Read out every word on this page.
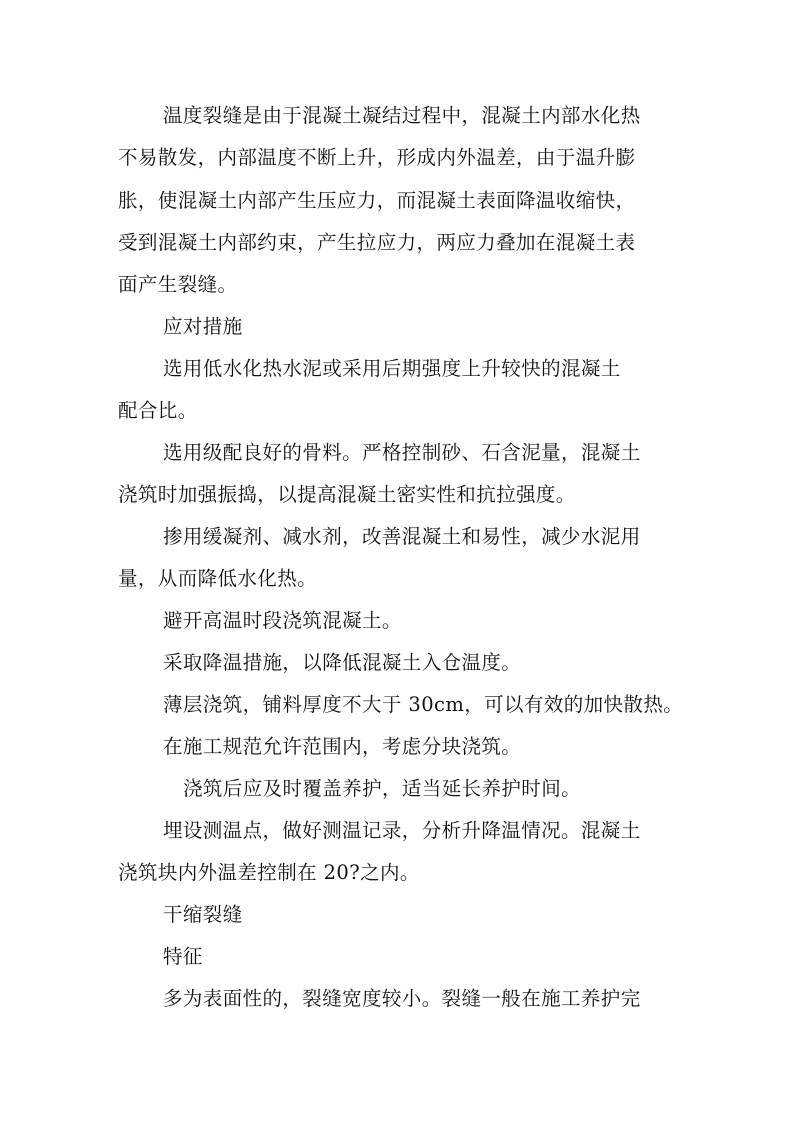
温度裂缝是由于混凝土凝结过程中，混凝土内部水化热
不易散发，内部温度不断上升，形成内外温差，由于温升膨
胀，使混凝土内部产生压应力，而混凝土表面降温收缩快，
受到混凝土内部约束，产生拉应力，两应力叠加在混凝土表
面产生裂缝。
应对措施
选用低水化热水泥或采用后期强度上升较快的混凝土
配合比。
选用级配良好的骨料。严格控制砂、石含泥量，混凝土
浇筑时加强振捣，以提高混凝土密实性和抗拉强度。
掺用缓凝剂、减水剂，改善混凝土和易性，减少水泥用
量，从而降低水化热。
避开高温时段浇筑混凝土。
采取降温措施，以降低混凝土入仓温度。
薄层浇筑，铺料厚度不大于 30cm，可以有效的加快散热。
在施工规范允许范围内，考虑分块浇筑。
浇筑后应及时覆盖养护，适当延长养护时间。
埋设测温点，做好测温记录，分析升降温情况。混凝土
浇筑块内外温差控制在 20?之内。
干缩裂缝
特征
多为表面性的，裂缝宽度较小。裂缝一般在施工养护完
